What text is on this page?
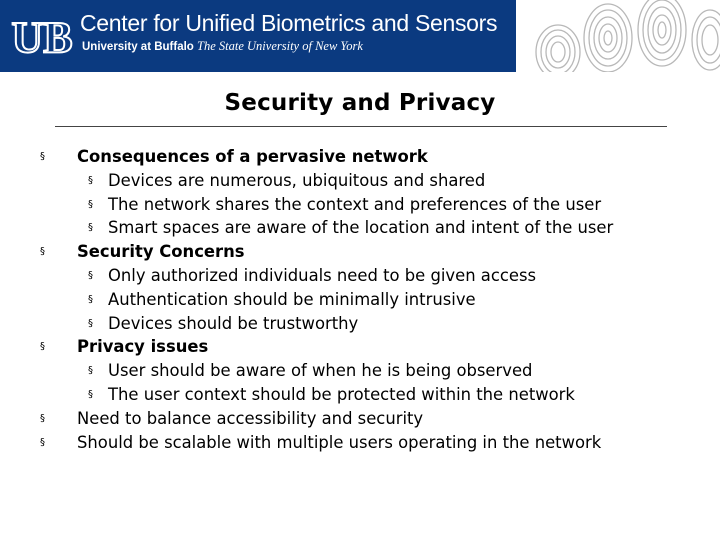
UB Center for Unified Biometrics and Sensors
University at Buffalo The State University of New York
Security and Privacy
§ Consequences of a pervasive network
§ Devices are numerous, ubiquitous and shared
§ The network shares the context and preferences of the user
§ Smart spaces are aware of the location and intent of the user
§ Security Concerns
§ Only authorized individuals need to be given access
§ Authentication should be minimally intrusive
§ Devices should be trustworthy
§ Privacy issues
§ User should be aware of when he is being observed
§ The user context should be protected within the network
§ Need to balance accessibility and security
§ Should be scalable with multiple users operating in the network
